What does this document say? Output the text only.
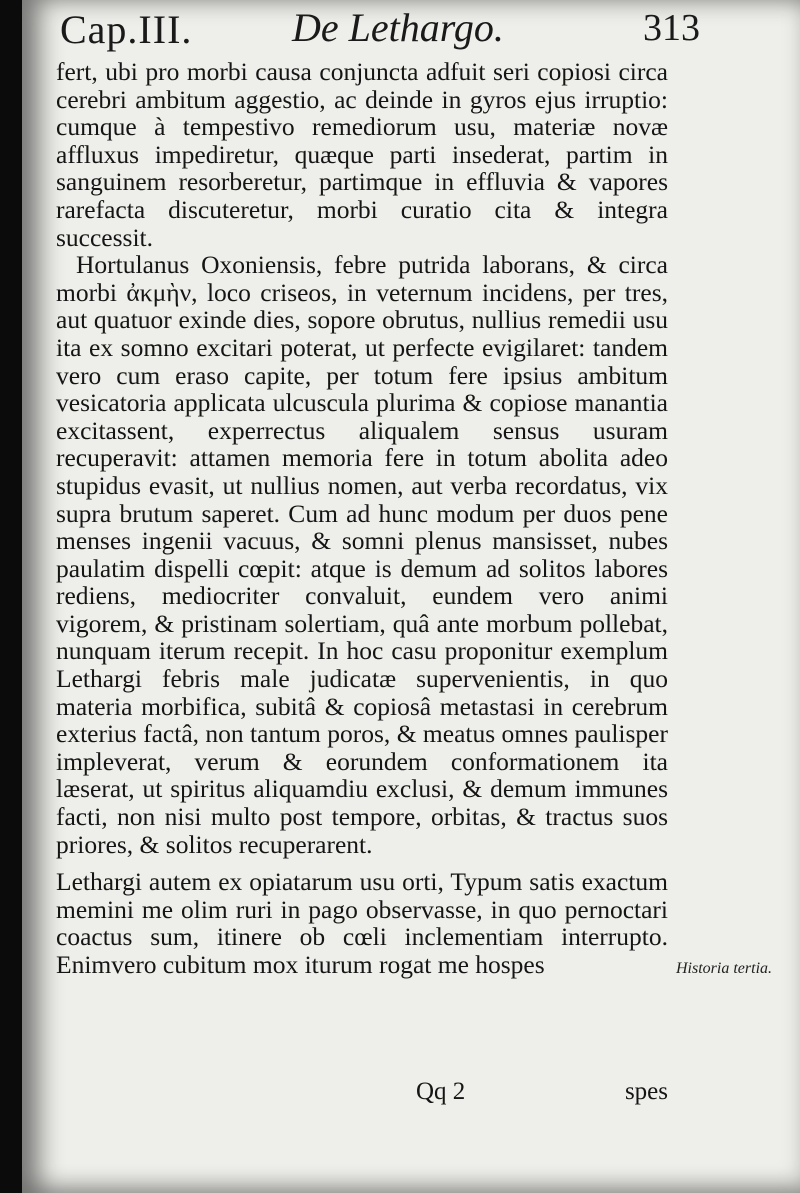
Cap.III. De Lethargo.	313

fert, ubi pro morbi causa conjuncta adfuit seri copiosi circa cerebri ambitum aggestio, ac deinde in gyros ejus irruptio: cumque à tempestivo remediorum usu, materiæ novæ affluxus impediretur, quæque parti insederat, partim in sanguinem resorberetur, partimque in effluvia & vapores rarefacta discuteretur, morbi curatio cita & integra successit.

Hortulanus Oxoniensis, febre putrida laborans, & circa morbi ἀκμὴν, loco criseos, in veternum incidens, per tres, aut quatuor exinde dies, sopore obrutus, nullius remedii usu ita ex somno excitari poterat, ut perfecte evigilaret: tandem vero cum eraso capite, per totum fere ipsius ambitum vesicatoria applicata ulcuscula plurima & copiose manantia excitassent, experrectus aliqualem sensus usuram recuperavit: attamen memoria fere in totum abolita adeo stupidus evasit, ut nullius nomen, aut verba recordatus, vix supra brutum saperet. Cum ad hunc modum per duos pene menses ingenii vacuus, & somni plenus mansisset, nubes paulatim dispelli cœpit: atque is demum ad solitos labores rediens, mediocriter convaluit, eundem vero animi vigorem, & pristinam solertiam, quâ ante morbum pollebat, nunquam iterum recepit. In hoc casu proponitur exemplum Lethargi febris male judicatæ supervenientis, in quo materia morbifica, subitâ & copiosâ metastasi in cerebrum exterius factâ, non tantum poros, & meatus omnes paulisper impleverat, verum & eorundem conformationem ita læserat, ut spiritus aliquamdiu exclusi, & demum immunes facti, non nisi multo post tempore, orbitas, & tractus suos priores, & solitos recuperarent.

Lethargi autem ex opiatarum usu orti, Typum satis exactum memini me olim ruri in pago observasse, in quo pernoctari coactus sum, itinere ob cœli inclementiam interrupto. Enimvero cubitum mox iturum rogat me hospes	Historia tertia.
Qq 2	spes
